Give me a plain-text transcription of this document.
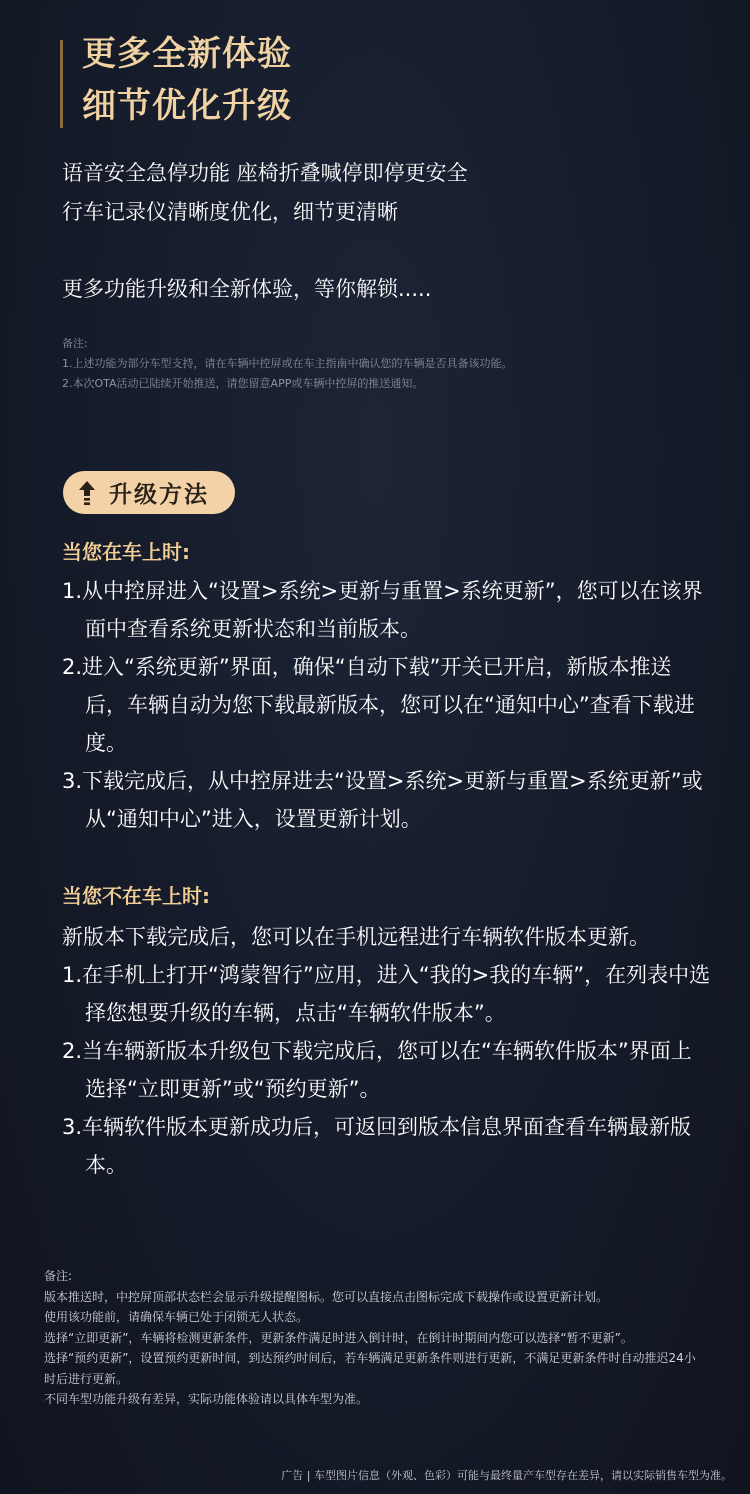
更多全新体验
细节优化升级

语音安全急停功能 座椅折叠喊停即停更安全

行车记录仪清晰度优化，细节更清晰

更多功能升级和全新体验，等你解锁.....

备注:

1.上述功能为部分车型支持，请在车辆中控屏或在车主指南中确认您的车辆是否具备该功能。

2.本次OTA活动已陆续开始推送，请您留意APP或车辆中控屏的推送通知。

升级方法

当您在车上时:

1.从中控屏进入“设置>系统>更新与重置>系统更新”，您可以在该界面中查看系统更新状态和当前版本。
2.进入“系统更新”界面，确保“自动下载”开关已开启，新版本推送后，车辆自动为您下载最新版本，您可以在“通知中心”查看下载进度。
3.下载完成后，从中控屏进去“设置>系统>更新与重置>系统更新”或从“通知中心”进入，设置更新计划。

当您不在车上时:

新版本下载完成后，您可以在手机远程进行车辆软件版本更新。

1.在手机上打开“鸿蒙智行”应用，进入“我的>我的车辆”，在列表中选择您想要升级的车辆，点击“车辆软件版本”。
2.当车辆新版本升级包下载完成后，您可以在“车辆软件版本”界面上选择“立即更新”或“预约更新”。
3.车辆软件版本更新成功后，可返回到版本信息界面查看车辆最新版本。

备注:

版本推送时，中控屏顶部状态栏会显示升级提醒图标。您可以直接点击图标完成下载操作或设置更新计划。

使用该功能前，请确保车辆已处于闭锁无人状态。

选择“立即更新”，车辆将检测更新条件，更新条件满足时进入倒计时，在倒计时期间内您可以选择“暂不更新”。

选择“预约更新”，设置预约更新时间，到达预约时间后，若车辆满足更新条件则进行更新，不满足更新条件时自动推迟24小时后进行更新。

不同车型功能升级有差异，实际功能体验请以具体车型为准。

广告 | 车型图片信息（外观、色彩）可能与最终量产车型存在差异，请以实际销售车型为准。
